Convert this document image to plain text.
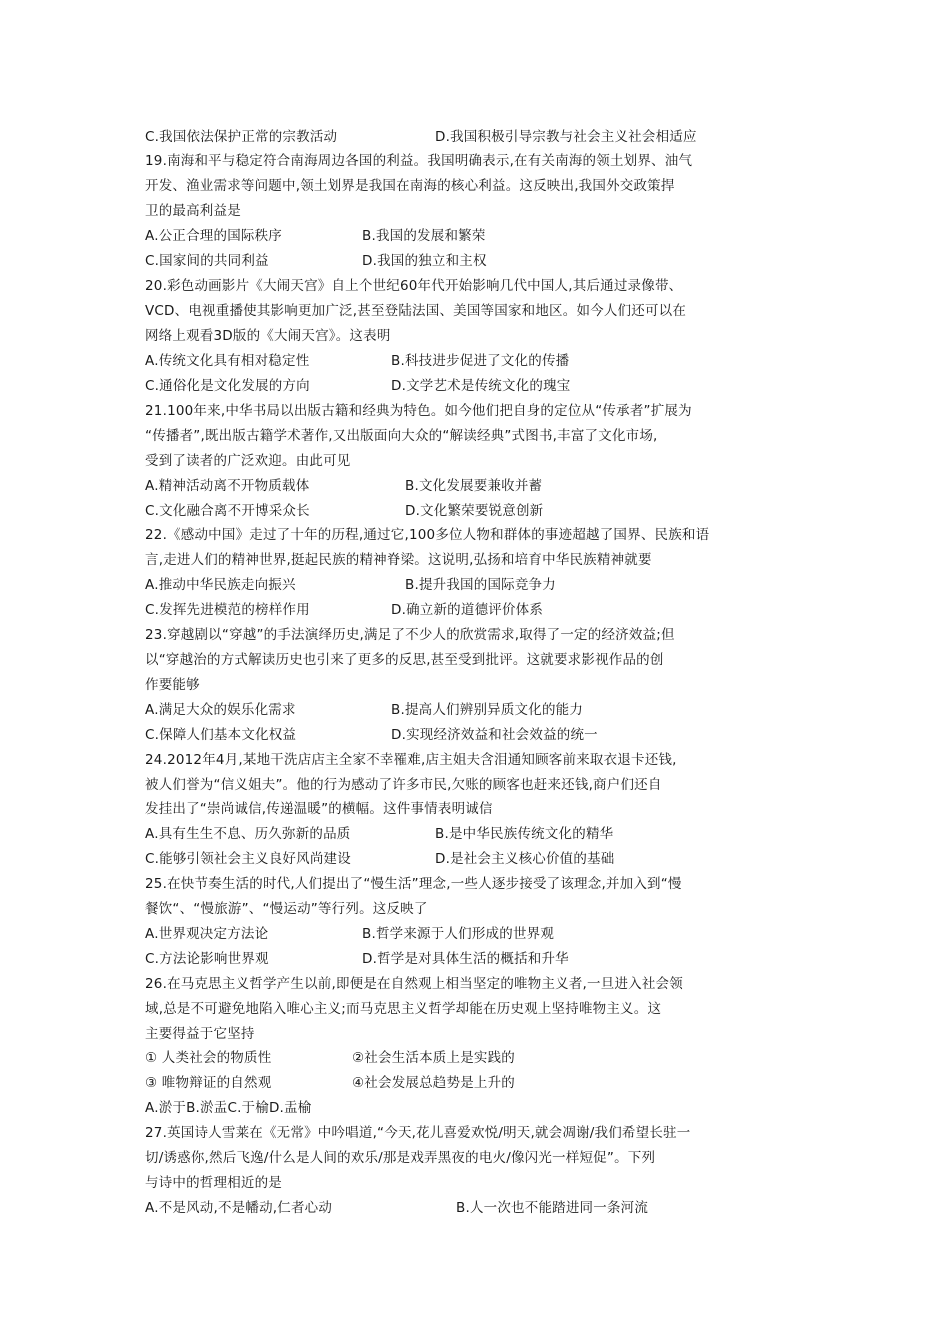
C.我国依法保护正常的宗教活动	D.我国积极引导宗教与社会主义社会相适应
19.南海和平与稳定符合南海周边各国的利益。我国明确表示,在有关南海的领土划界、油气
开发、渔业需求等问题中,领土划界是我国在南海的核心利益。这反映出,我国外交政策捍
卫的最高利益是
A.公正合理的国际秩序	B.我国的发展和繁荣
C.国家间的共同利益	D.我国的独立和主权
20.彩色动画影片《大闹天宫》自上个世纪60年代开始影响几代中国人,其后通过录像带、
VCD、电视重播使其影响更加广泛,甚至登陆法国、美国等国家和地区。如今人们还可以在
网络上观看3D版的《大闹天宫》。这表明
A.传统文化具有相对稳定性	B.科技进步促进了文化的传播
C.通俗化是文化发展的方向	D.文学艺术是传统文化的瑰宝
21.100年来,中华书局以出版古籍和经典为特色。如今他们把自身的定位从“传承者”扩展为
“传播者”,既出版古籍学术著作,又出版面向大众的“解读经典”式图书,丰富了文化市场,
受到了读者的广泛欢迎。由此可见
A.精神活动离不开物质载体	B.文化发展要兼收并蓄
C.文化融合离不开博采众长	D.文化繁荣要锐意创新
22.《感动中国》走过了十年的历程,通过它,100多位人物和群体的事迹超越了国界、民族和语
言,走进人们的精神世界,挺起民族的精神脊梁。这说明,弘扬和培育中华民族精神就要
A.推动中华民族走向振兴	B.提升我国的国际竞争力
C.发挥先进模范的榜样作用	D.确立新的道德评价体系
23.穿越剧以“穿越”的手法演绎历史,满足了不少人的欣赏需求,取得了一定的经济效益;但
以“穿越治的方式解读历史也引来了更多的反思,甚至受到批评。这就要求影视作品的创
作要能够
A.满足大众的娱乐化需求	B.提高人们辨别异质文化的能力
C.保障人们基本文化权益	D.实现经济效益和社会效益的统一
24.2012年4月,某地干洗店店主全家不幸罹难,店主姐夫含泪通知顾客前来取衣退卡还钱,
被人们誉为“信义姐夫”。他的行为感动了许多市民,欠账的顾客也赶来还钱,商户们还自
发挂出了“崇尚诚信,传递温暖”的横幅。这件事情表明诚信
A.具有生生不息、历久弥新的品质	B.是中华民族传统文化的精华
C.能够引领社会主义良好风尚建设	D.是社会主义核心价值的基础
25.在快节奏生活的时代,人们提出了“慢生活”理念,一些人逐步接受了该理念,并加入到“慢
餐饮“、“慢旅游”、“慢运动”等行列。这反映了
A.世界观决定方法论	B.哲学来源于人们形成的世界观
C.方法论影响世界观	D.哲学是对具体生活的概括和升华
26.在马克思主义哲学产生以前,即便是在自然观上相当坚定的唯物主义者,一旦进入社会领
域,总是不可避免地陷入唯心主义;而马克思主义哲学却能在历史观上坚持唯物主义。这
主要得益于它坚持
① 人类社会的物质性	②社会生活本质上是实践的
③ 唯物辩证的自然观	④社会发展总趋势是上升的
A.淤于B.淤盂C.于榆D.盂榆
27.英国诗人雪莱在《无常》中吟唱道,“今天,花儿喜爱欢悦/明天,就会凋谢/我们希望长驻一
切/诱惑你,然后飞逸/什么是人间的欢乐/那是戏弄黑夜的电火/像闪光一样短促”。下列
与诗中的哲理相近的是
A.不是风动,不是幡动,仁者心动	B.人一次也不能踏进同一条河流
